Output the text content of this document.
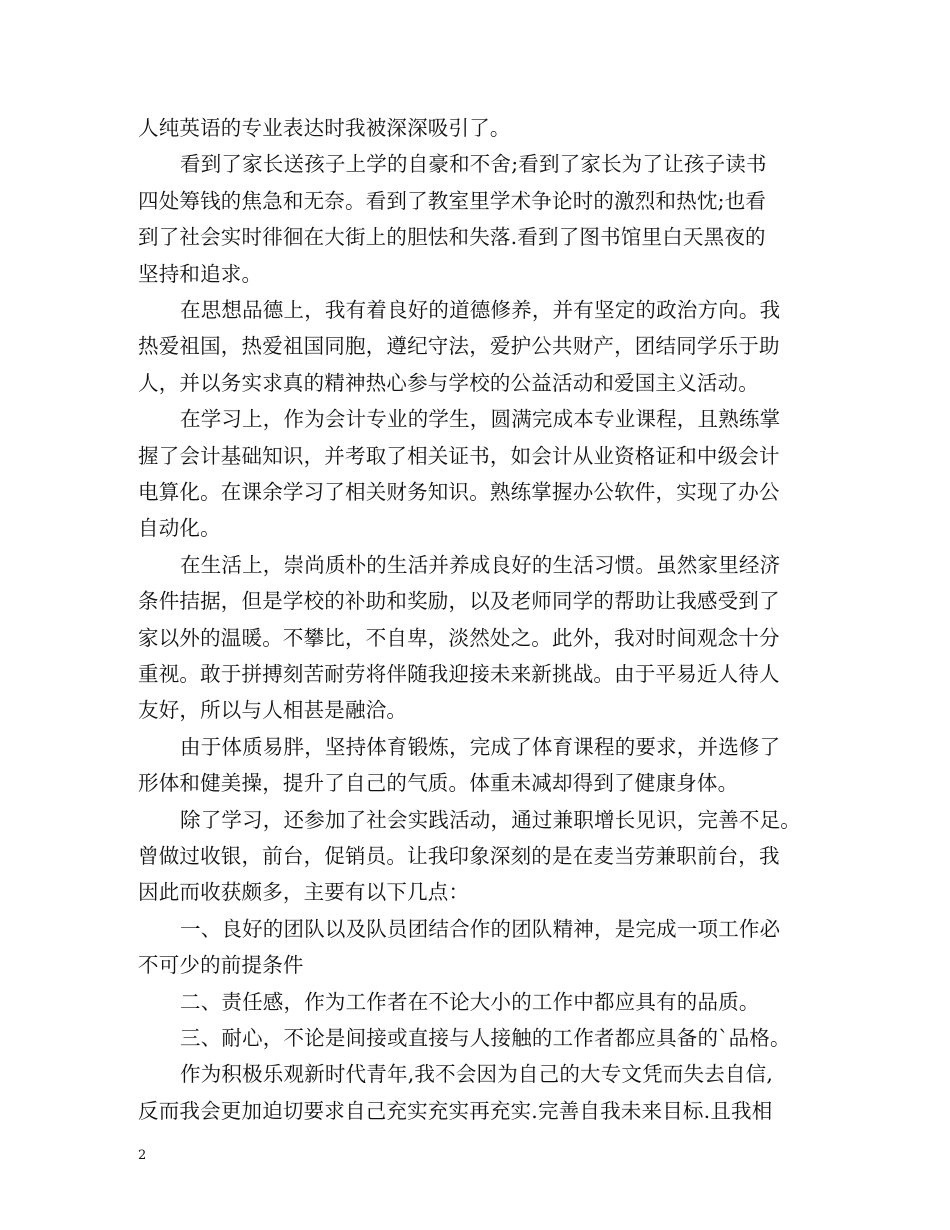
人纯英语的专业表达时我被深深吸引了。
看到了家长送孩子上学的自豪和不舍;看到了家长为了让孩子读书
四处筹钱的焦急和无奈。看到了教室里学术争论时的激烈和热忱;也看
到了社会实时徘徊在大街上的胆怯和失落.看到了图书馆里白天黑夜的
坚持和追求。
在思想品德上，我有着良好的道德修养，并有坚定的政治方向。我
热爱祖国，热爱祖国同胞，遵纪守法，爱护公共财产，团结同学乐于助
人，并以务实求真的精神热心参与学校的公益活动和爱国主义活动。
在学习上，作为会计专业的学生，圆满完成本专业课程，且熟练掌
握了会计基础知识，并考取了相关证书，如会计从业资格证和中级会计
电算化。在课余学习了相关财务知识。熟练掌握办公软件，实现了办公
自动化。
在生活上，崇尚质朴的生活并养成良好的生活习惯。虽然家里经济
条件拮据，但是学校的补助和奖励，以及老师同学的帮助让我感受到了
家以外的温暖。不攀比，不自卑，淡然处之。此外，我对时间观念十分
重视。敢于拼搏刻苦耐劳将伴随我迎接未来新挑战。由于平易近人待人
友好，所以与人相甚是融洽。
由于体质易胖，坚持体育锻炼，完成了体育课程的要求，并选修了
形体和健美操，提升了自己的气质。体重未减却得到了健康身体。
除了学习，还参加了社会实践活动，通过兼职增长见识，完善不足。
曾做过收银，前台，促销员。让我印象深刻的是在麦当劳兼职前台，我
因此而收获颇多，主要有以下几点：
一、良好的团队以及队员团结合作的团队精神，是完成一项工作必
不可少的前提条件
二、责任感，作为工作者在不论大小的工作中都应具有的品质。
三、耐心，不论是间接或直接与人接触的工作者都应具备的`品格。
作为积极乐观新时代青年,我不会因为自己的大专文凭而失去自信,
反而我会更加迫切要求自己充实充实再充实.完善自我未来目标.且我相
2
